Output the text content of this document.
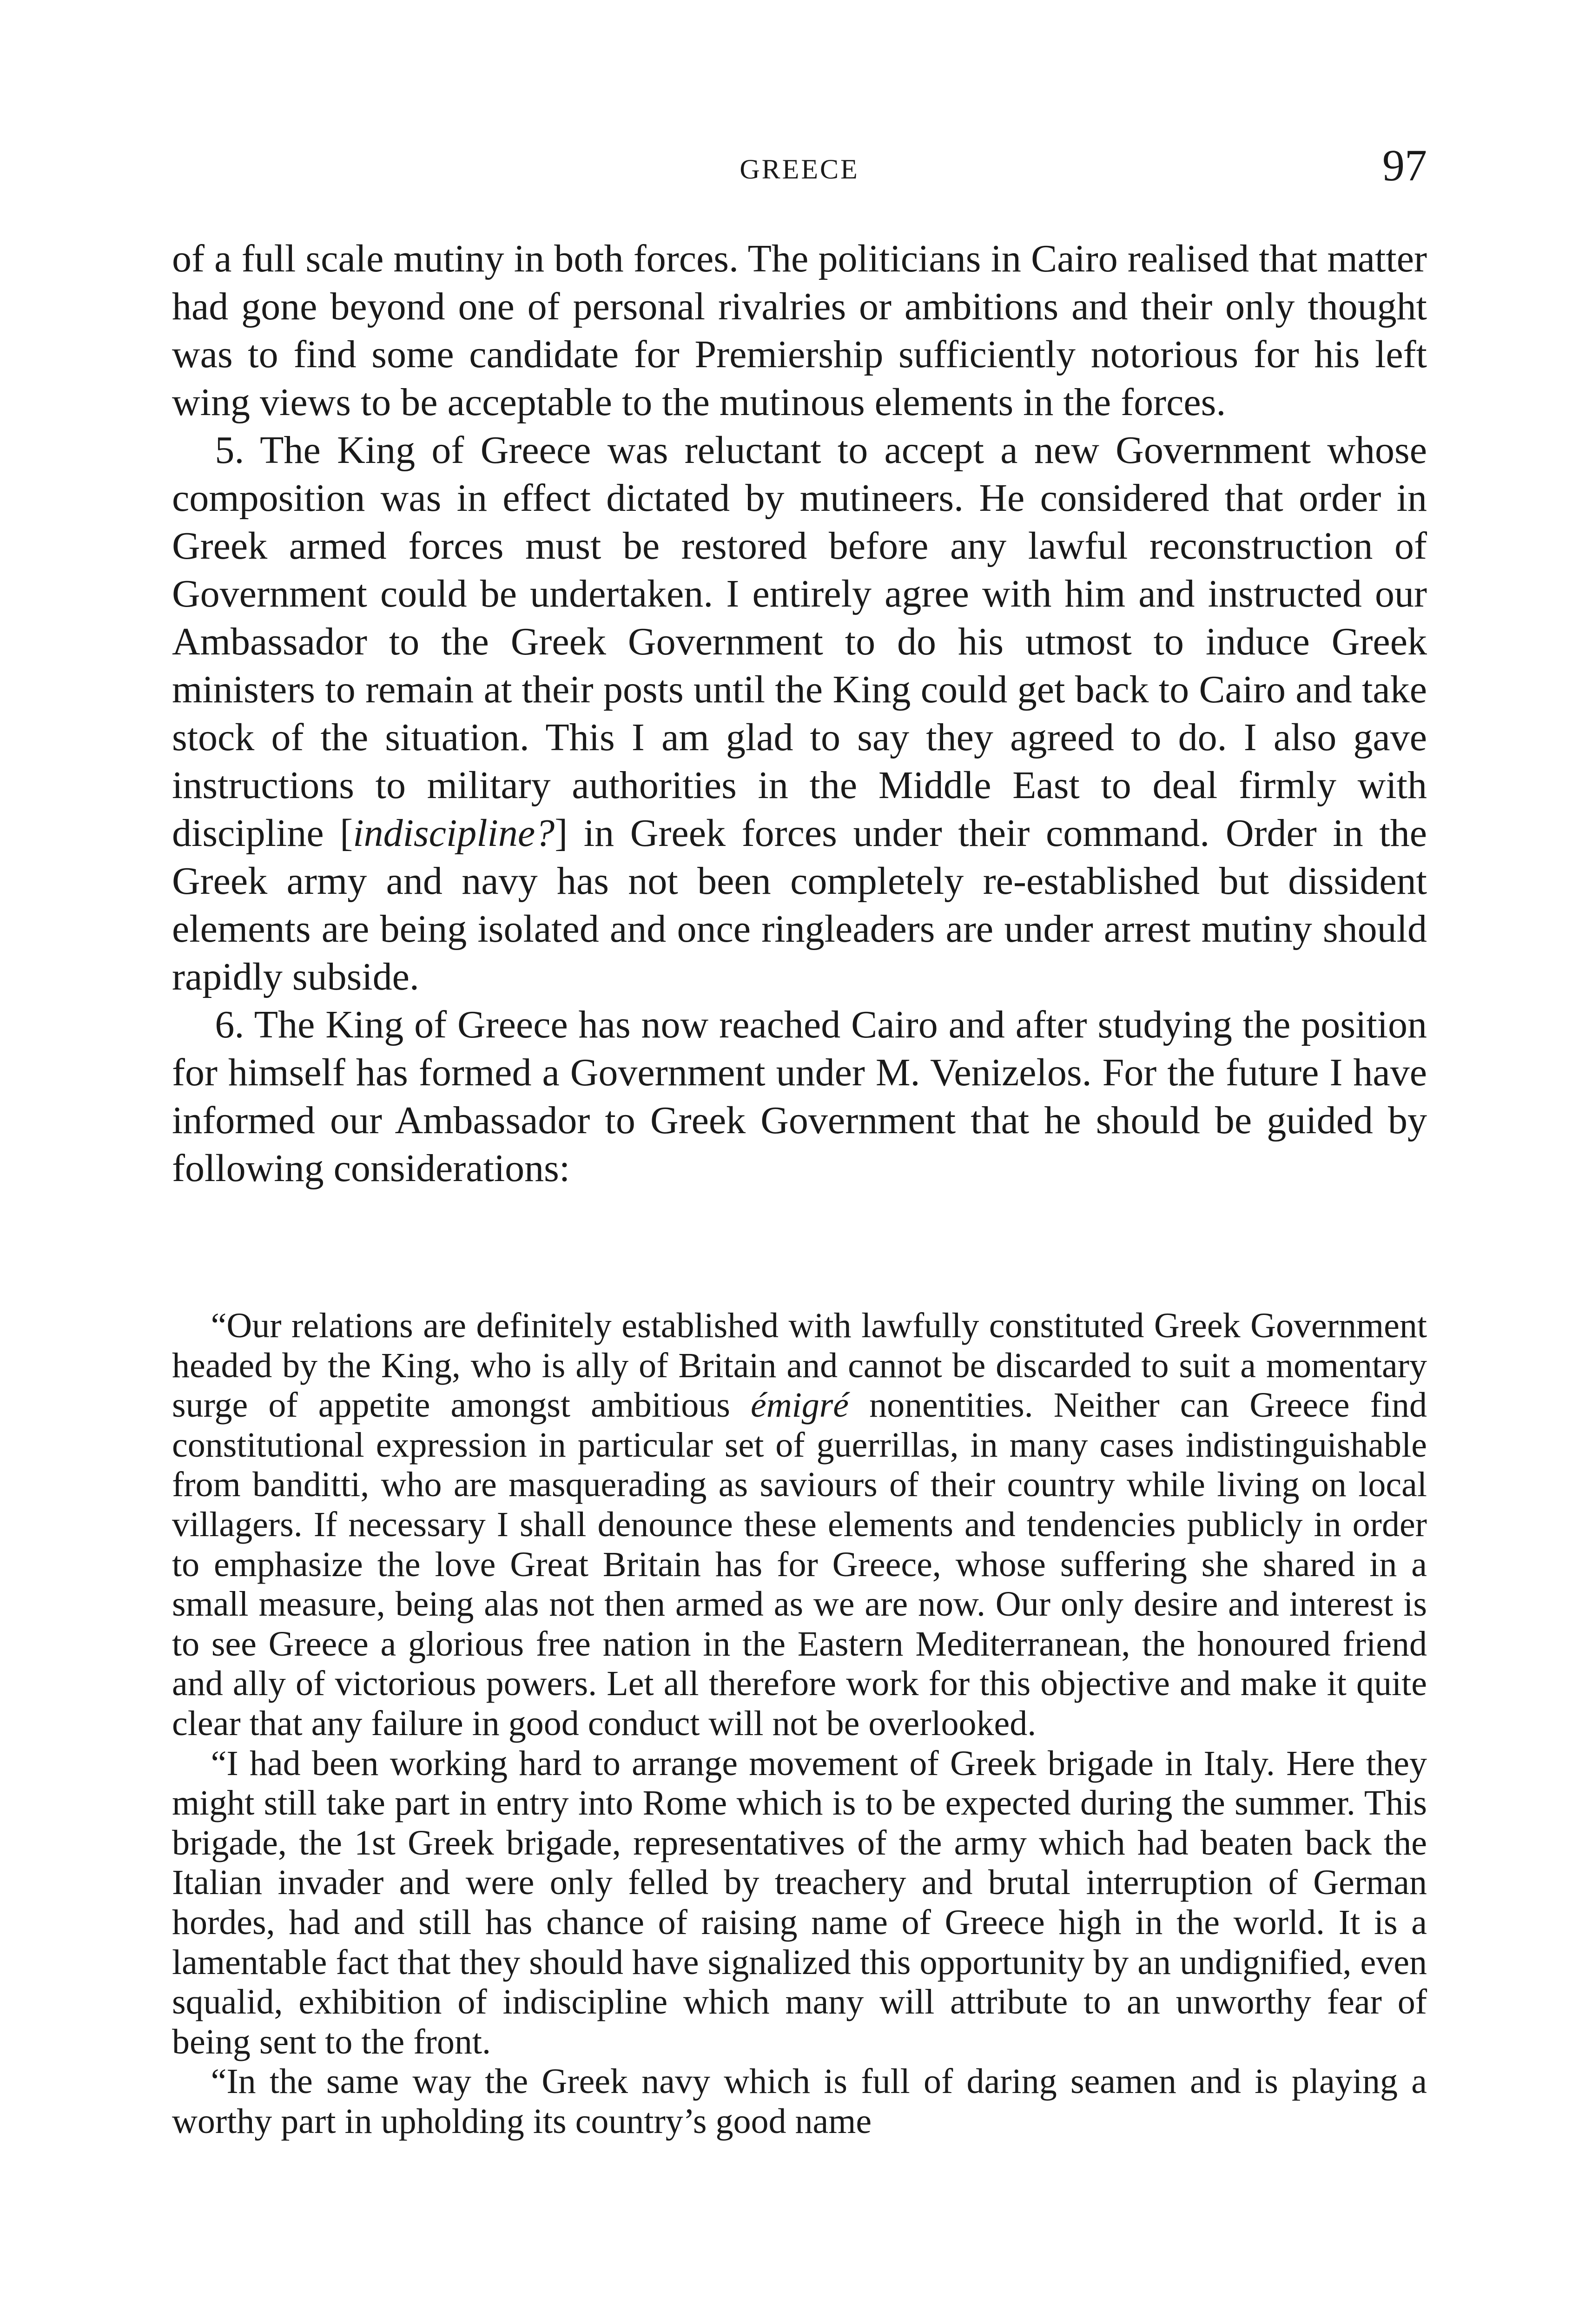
GREECE	97

of a full scale mutiny in both forces. The politicians in Cairo realised that matter had gone beyond one of personal rivalries or ambitions and their only thought was to find some candidate for Premiership sufficiently notorious for his left wing views to be acceptable to the mutinous elements in the forces.

5. The King of Greece was reluctant to accept a new Government whose composition was in effect dictated by mutineers. He considered that order in Greek armed forces must be restored before any lawful reconstruction of Government could be undertaken. I entirely agree with him and instructed our Ambassador to the Greek Government to do his utmost to induce Greek ministers to remain at their posts until the King could get back to Cairo and take stock of the situation. This I am glad to say they agreed to do. I also gave instructions to military authorities in the Middle East to deal firmly with discipline [indiscipline?] in Greek forces under their command. Order in the Greek army and navy has not been completely re-established but dissident elements are being isolated and once ringleaders are under arrest mutiny should rapidly subside.

6. The King of Greece has now reached Cairo and after studying the position for himself has formed a Government under M. Venizelos. For the future I have informed our Ambassador to Greek Government that he should be guided by following considerations:

“Our relations are definitely established with lawfully constituted Greek Government headed by the King, who is ally of Britain and cannot be discarded to suit a momentary surge of appetite amongst ambitious émigré nonentities. Neither can Greece find constitutional expression in particular set of guerrillas, in many cases indistinguishable from banditti, who are masquerading as saviours of their country while living on local villagers. If necessary I shall denounce these elements and tendencies publicly in order to emphasize the love Great Britain has for Greece, whose suffering she shared in a small measure, being alas not then armed as we are now. Our only desire and interest is to see Greece a glorious free nation in the Eastern Mediterranean, the honoured friend and ally of victorious powers. Let all therefore work for this objective and make it quite clear that any failure in good conduct will not be overlooked.

“I had been working hard to arrange movement of Greek brigade in Italy. Here they might still take part in entry into Rome which is to be expected during the summer. This brigade, the 1st Greek brigade, representatives of the army which had beaten back the Italian invader and were only felled by treachery and brutal interruption of German hordes, had and still has chance of raising name of Greece high in the world. It is a lamentable fact that they should have signalized this opportunity by an undignified, even squalid, exhibition of indiscipline which many will attribute to an unworthy fear of being sent to the front.

“In the same way the Greek navy which is full of daring seamen and is playing a worthy part in upholding its country’s good name
